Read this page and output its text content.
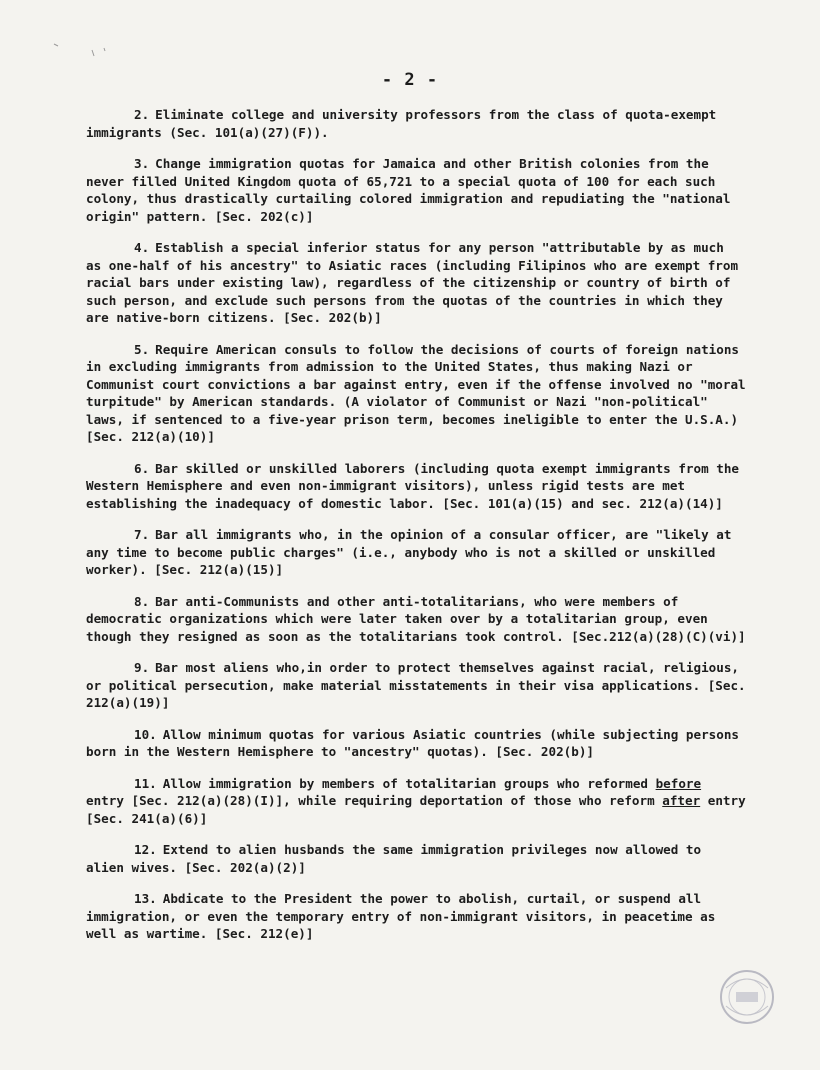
- 2 -

2. Eliminate college and university professors from the class of quota-exempt immigrants (Sec. 101(a)(27)(F)).

3. Change immigration quotas for Jamaica and other British colonies from the never filled United Kingdom quota of 65,721 to a special quota of 100 for each such colony, thus drastically curtailing colored immigration and repudiating the "national origin" pattern. [Sec. 202(c)]

4. Establish a special inferior status for any person "attributable by as much as one-half of his ancestry" to Asiatic races (including Filipinos who are exempt from racial bars under existing law), regardless of the citizenship or country of birth of such person, and exclude such persons from the quotas of the countries in which they are native-born citizens. [Sec. 202(b)]

5. Require American consuls to follow the decisions of courts of foreign nations in excluding immigrants from admission to the United States, thus making Nazi or Communist court convictions a bar against entry, even if the offense involved no "moral turpitude" by American standards. (A violator of Communist or Nazi "non-political" laws, if sentenced to a five-year prison term, becomes ineligible to enter the U.S.A.) [Sec. 212(a)(10)]

6. Bar skilled or unskilled laborers (including quota exempt immigrants from the Western Hemisphere and even non-immigrant visitors), unless rigid tests are met establishing the inadequacy of domestic labor. [Sec. 101(a)(15) and sec. 212(a)(14)]

7. Bar all immigrants who, in the opinion of a consular officer, are "likely at any time to become public charges" (i.e., anybody who is not a skilled or unskilled worker). [Sec. 212(a)(15)]

8. Bar anti-Communists and other anti-totalitarians, who were members of democratic organizations which were later taken over by a totalitarian group, even though they resigned as soon as the totalitarians took control. [Sec.212(a)(28)(C)(vi)]

9. Bar most aliens who,in order to protect themselves against racial, religious, or political persecution, make material misstatements in their visa applications. [Sec. 212(a)(19)]

10. Allow minimum quotas for various Asiatic countries (while subjecting persons born in the Western Hemisphere to "ancestry" quotas). [Sec. 202(b)]

11. Allow immigration by members of totalitarian groups who reformed before entry [Sec. 212(a)(28)(I)], while requiring deportation of those who reform after entry [Sec. 241(a)(6)]

12. Extend to alien husbands the same immigration privileges now allowed to alien wives. [Sec. 202(a)(2)]

13. Abdicate to the President the power to abolish, curtail, or suspend all immigration, or even the temporary entry of non-immigrant visitors, in peacetime as well as wartime. [Sec. 212(e)]
